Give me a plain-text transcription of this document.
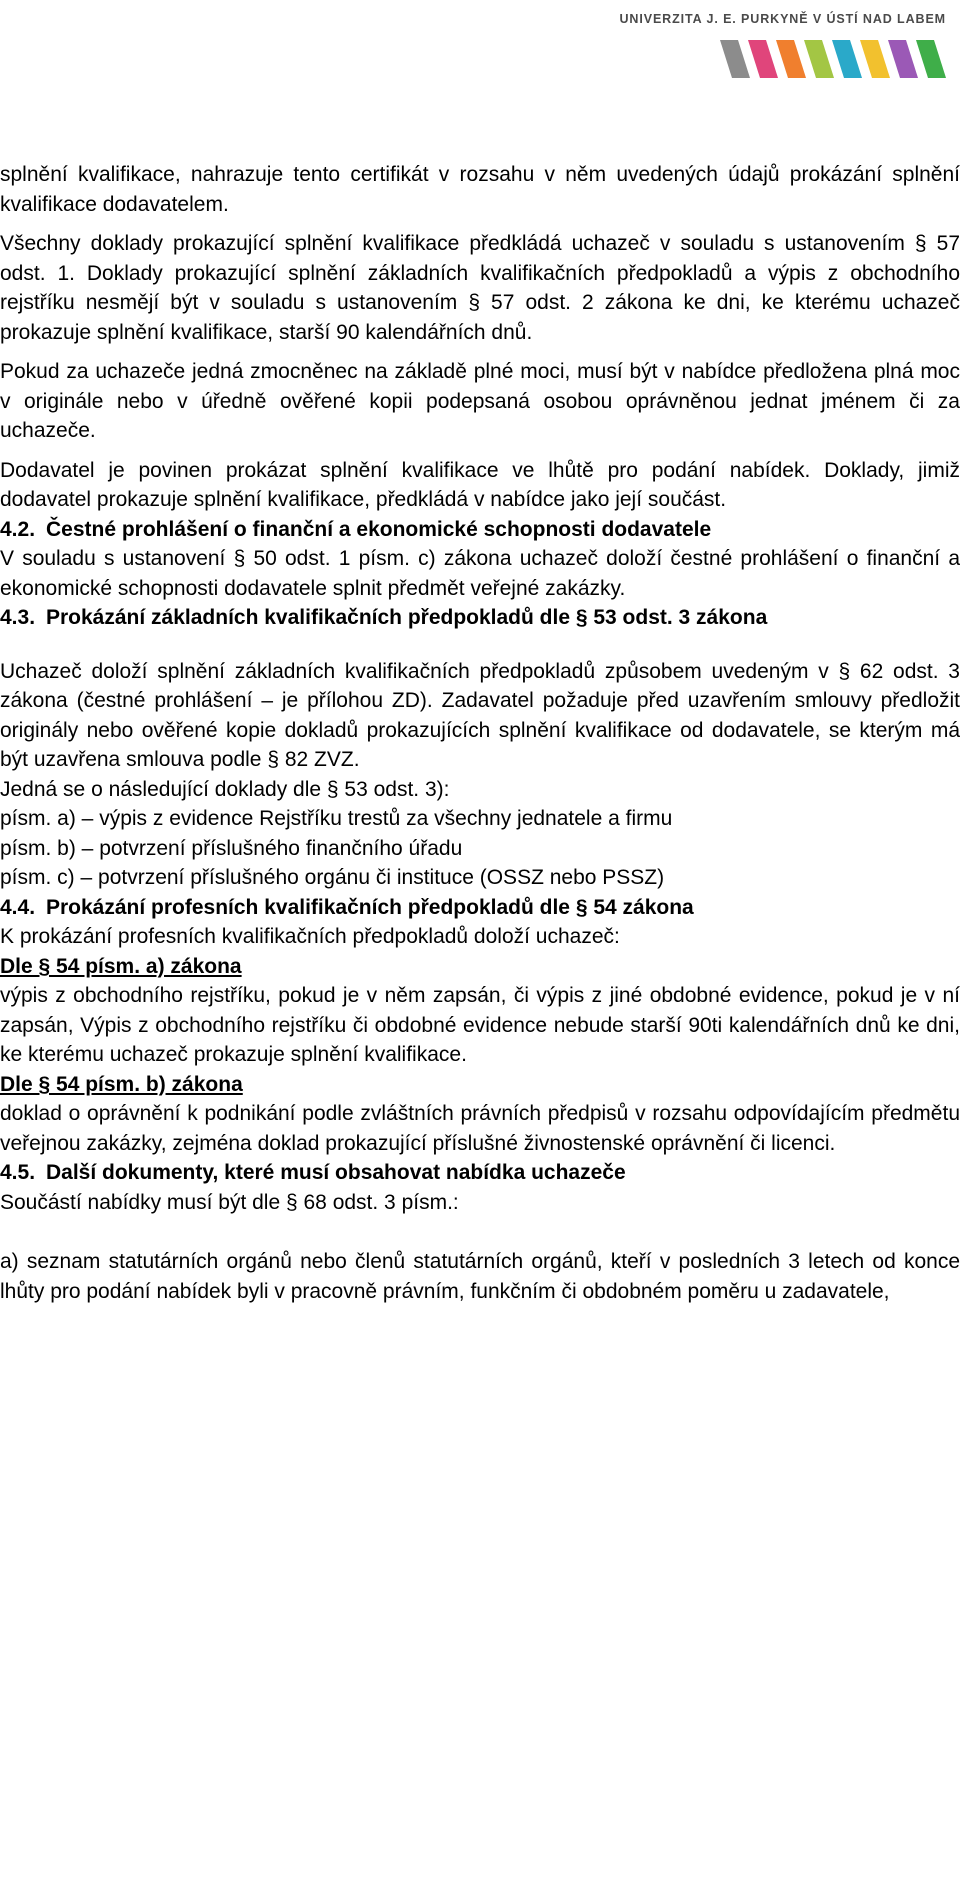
UNIVERZITA J. E. PURKYNĚ V ÚSTÍ NAD LABEM

splnění kvalifikace, nahrazuje tento certifikát v rozsahu v něm uvedených údajů prokázání splnění kvalifikace dodavatelem.

Všechny doklady prokazující splnění kvalifikace předkládá uchazeč v souladu s ustanovením § 57 odst. 1. Doklady prokazující splnění základních kvalifikačních předpokladů a výpis z obchodního rejstříku nesmějí být v souladu s ustanovením § 57 odst. 2 zákona ke dni, ke kterému uchazeč prokazuje splnění kvalifikace, starší 90 kalendářních dnů.

Pokud za uchazeče jedná zmocněnec na základě plné moci, musí být v nabídce předložena plná moc v originále nebo v úředně ověřené kopii podepsaná osobou oprávněnou jednat jménem či za uchazeče.

Dodavatel je povinen prokázat splnění kvalifikace ve lhůtě pro podání nabídek. Doklady, jimiž dodavatel prokazuje splnění kvalifikace, předkládá v nabídce jako její součást.

4.2. Čestné prohlášení o finanční a ekonomické schopnosti dodavatele

V souladu s ustanovení § 50 odst. 1 písm. c) zákona uchazeč doloží čestné prohlášení o finanční a ekonomické schopnosti dodavatele splnit předmět veřejné zakázky.

4.3. Prokázání základních kvalifikačních předpokladů dle § 53 odst. 3 zákona

Uchazeč doloží splnění základních kvalifikačních předpokladů způsobem uvedeným v § 62 odst. 3 zákona (čestné prohlášení – je přílohou ZD). Zadavatel požaduje před uzavřením smlouvy předložit originály nebo ověřené kopie dokladů prokazujících splnění kvalifikace od dodavatele, se kterým má být uzavřena smlouva podle § 82 ZVZ.

Jedná se o následující doklady dle § 53 odst. 3):

písm. a) – výpis z evidence Rejstříku trestů za všechny jednatele a firmu

písm. b) – potvrzení příslušného finančního úřadu

písm. c) – potvrzení příslušného orgánu či instituce (OSSZ nebo PSSZ)

4.4. Prokázání profesních kvalifikačních předpokladů dle § 54 zákona

K prokázání profesních kvalifikačních předpokladů doloží uchazeč:

Dle § 54 písm. a) zákona

výpis z obchodního rejstříku, pokud je v něm zapsán, či výpis z jiné obdobné evidence, pokud je v ní zapsán, Výpis z obchodního rejstříku či obdobné evidence nebude starší 90ti kalendářních dnů ke dni, ke kterému uchazeč prokazuje splnění kvalifikace.

Dle § 54 písm. b) zákona

doklad o oprávnění k podnikání podle zvláštních právních předpisů v rozsahu odpovídajícím předmětu veřejnou zakázky, zejména doklad prokazující příslušné živnostenské oprávnění či licenci.

4.5. Další dokumenty, které musí obsahovat nabídka uchazeče

Součástí nabídky musí být dle § 68 odst. 3 písm.:

a) seznam statutárních orgánů nebo členů statutárních orgánů, kteří v posledních 3 letech od konce lhůty pro podání nabídek byli v pracovně právním, funkčním či obdobném poměru u zadavatele,
